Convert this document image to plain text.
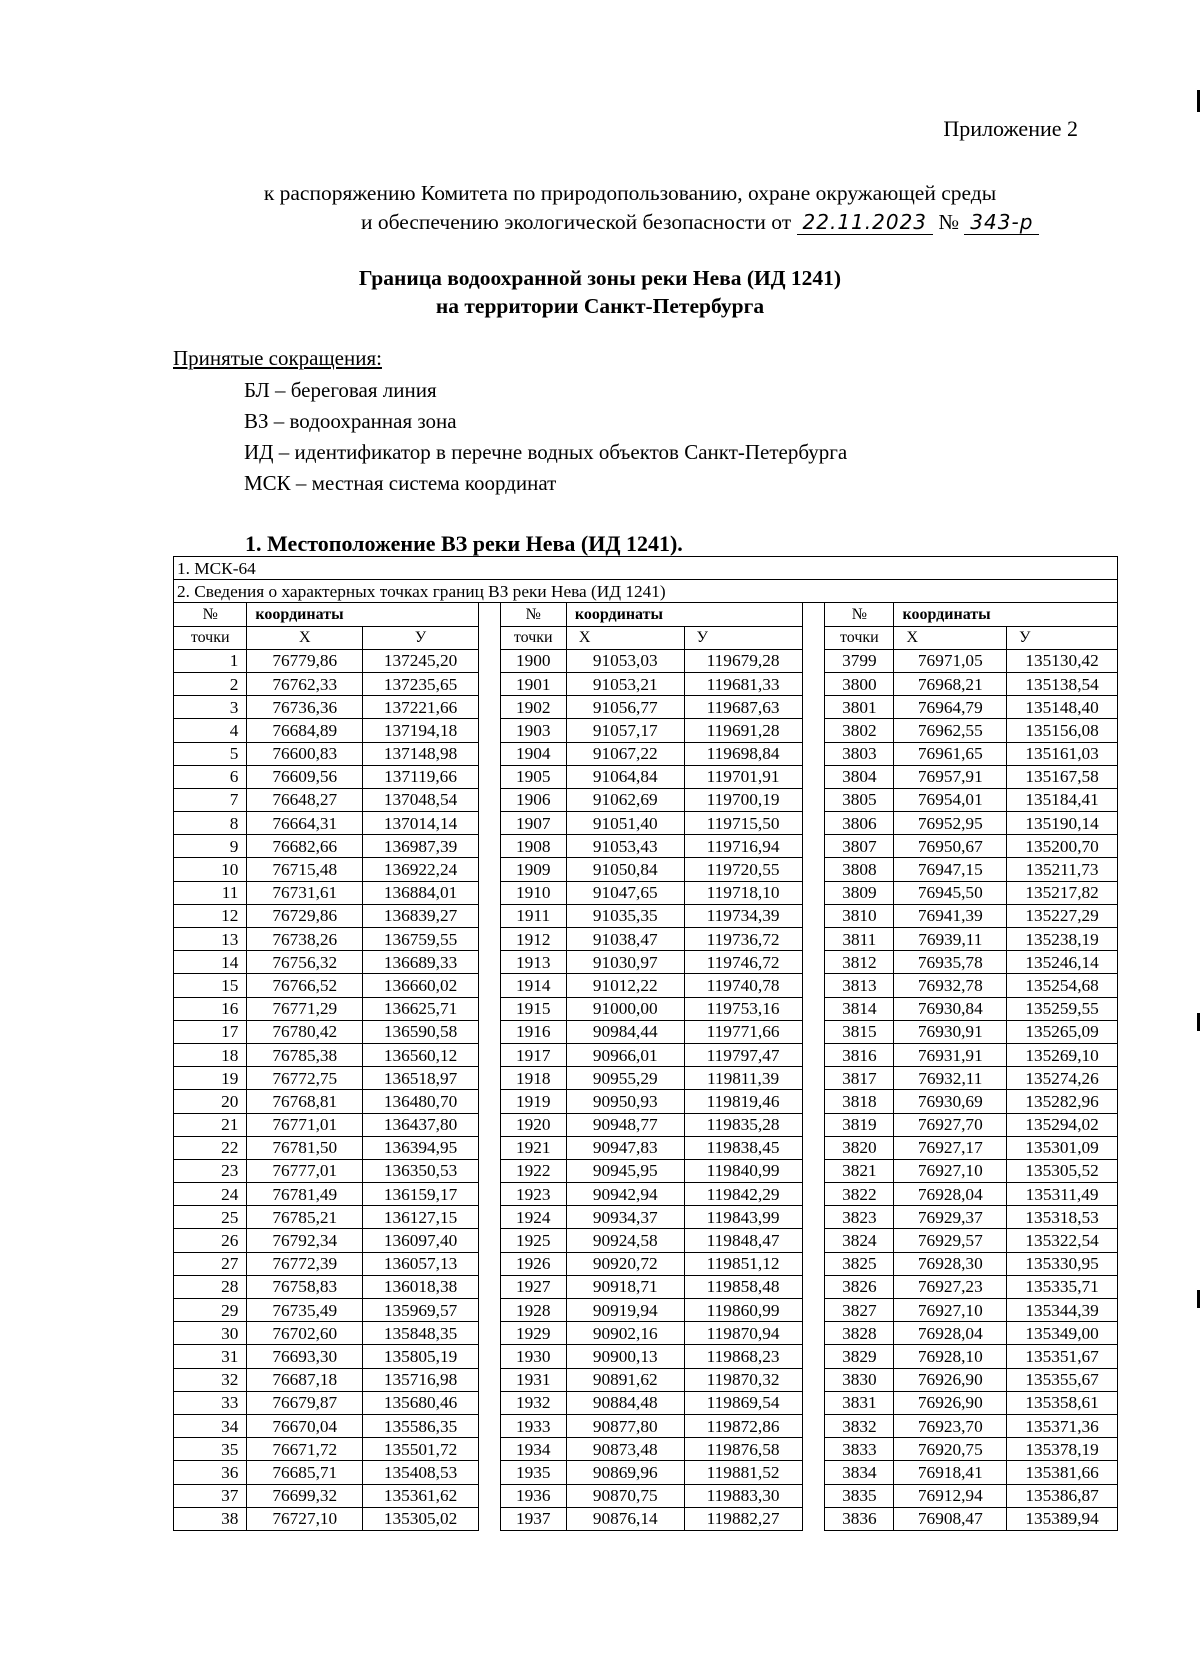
Приложение 2
к распоряжению Комитета по природопользованию, охране окружающей среды
и обеспечению экологической безопасности от 22.11.2023 № 343-р
Граница водоохранной зоны реки Нева (ИД 1241)
на территории Санкт-Петербурга
Принятые сокращения:
БЛ – береговая линия
ВЗ – водоохранная зона
ИД – идентификатор в перечне водных объектов Санкт-Петербурга
МСК – местная система координат
1. Местоположение ВЗ реки Нева (ИД 1241).
1. МСК-64										
2. Сведения о характерных точках границ ВЗ реки Нева (ИД 1241)										
№	координаты			№	координаты			№	координаты	
точки	Х	У		точки	Х	У		точки	Х	У
1	76779,86	137245,20		1900	91053,03	119679,28		3799	76971,05	135130,42
2	76762,33	137235,65		1901	91053,21	119681,33		3800	76968,21	135138,54
3	76736,36	137221,66		1902	91056,77	119687,63		3801	76964,79	135148,40
4	76684,89	137194,18		1903	91057,17	119691,28		3802	76962,55	135156,08
5	76600,83	137148,98		1904	91067,22	119698,84		3803	76961,65	135161,03
6	76609,56	137119,66		1905	91064,84	119701,91		3804	76957,91	135167,58
7	76648,27	137048,54		1906	91062,69	119700,19		3805	76954,01	135184,41
8	76664,31	137014,14		1907	91051,40	119715,50		3806	76952,95	135190,14
9	76682,66	136987,39		1908	91053,43	119716,94		3807	76950,67	135200,70
10	76715,48	136922,24		1909	91050,84	119720,55		3808	76947,15	135211,73
11	76731,61	136884,01		1910	91047,65	119718,10		3809	76945,50	135217,82
12	76729,86	136839,27		1911	91035,35	119734,39		3810	76941,39	135227,29
13	76738,26	136759,55		1912	91038,47	119736,72		3811	76939,11	135238,19
14	76756,32	136689,33		1913	91030,97	119746,72		3812	76935,78	135246,14
15	76766,52	136660,02		1914	91012,22	119740,78		3813	76932,78	135254,68
16	76771,29	136625,71		1915	91000,00	119753,16		3814	76930,84	135259,55
17	76780,42	136590,58		1916	90984,44	119771,66		3815	76930,91	135265,09
18	76785,38	136560,12		1917	90966,01	119797,47		3816	76931,91	135269,10
19	76772,75	136518,97		1918	90955,29	119811,39		3817	76932,11	135274,26
20	76768,81	136480,70		1919	90950,93	119819,46		3818	76930,69	135282,96
21	76771,01	136437,80		1920	90948,77	119835,28		3819	76927,70	135294,02
22	76781,50	136394,95		1921	90947,83	119838,45		3820	76927,17	135301,09
23	76777,01	136350,53		1922	90945,95	119840,99		3821	76927,10	135305,52
24	76781,49	136159,17		1923	90942,94	119842,29		3822	76928,04	135311,49
25	76785,21	136127,15		1924	90934,37	119843,99		3823	76929,37	135318,53
26	76792,34	136097,40		1925	90924,58	119848,47		3824	76929,57	135322,54
27	76772,39	136057,13		1926	90920,72	119851,12		3825	76928,30	135330,95
28	76758,83	136018,38		1927	90918,71	119858,48		3826	76927,23	135335,71
29	76735,49	135969,57		1928	90919,94	119860,99		3827	76927,10	135344,39
30	76702,60	135848,35		1929	90902,16	119870,94		3828	76928,04	135349,00
31	76693,30	135805,19		1930	90900,13	119868,23		3829	76928,10	135351,67
32	76687,18	135716,98		1931	90891,62	119870,32		3830	76926,90	135355,67
33	76679,87	135680,46		1932	90884,48	119869,54		3831	76926,90	135358,61
34	76670,04	135586,35		1933	90877,80	119872,86		3832	76923,70	135371,36
35	76671,72	135501,72		1934	90873,48	119876,58		3833	76920,75	135378,19
36	76685,71	135408,53		1935	90869,96	119881,52		3834	76918,41	135381,66
37	76699,32	135361,62		1936	90870,75	119883,30		3835	76912,94	135386,87
38	76727,10	135305,02		1937	90876,14	119882,27		3836	76908,47	135389,94
